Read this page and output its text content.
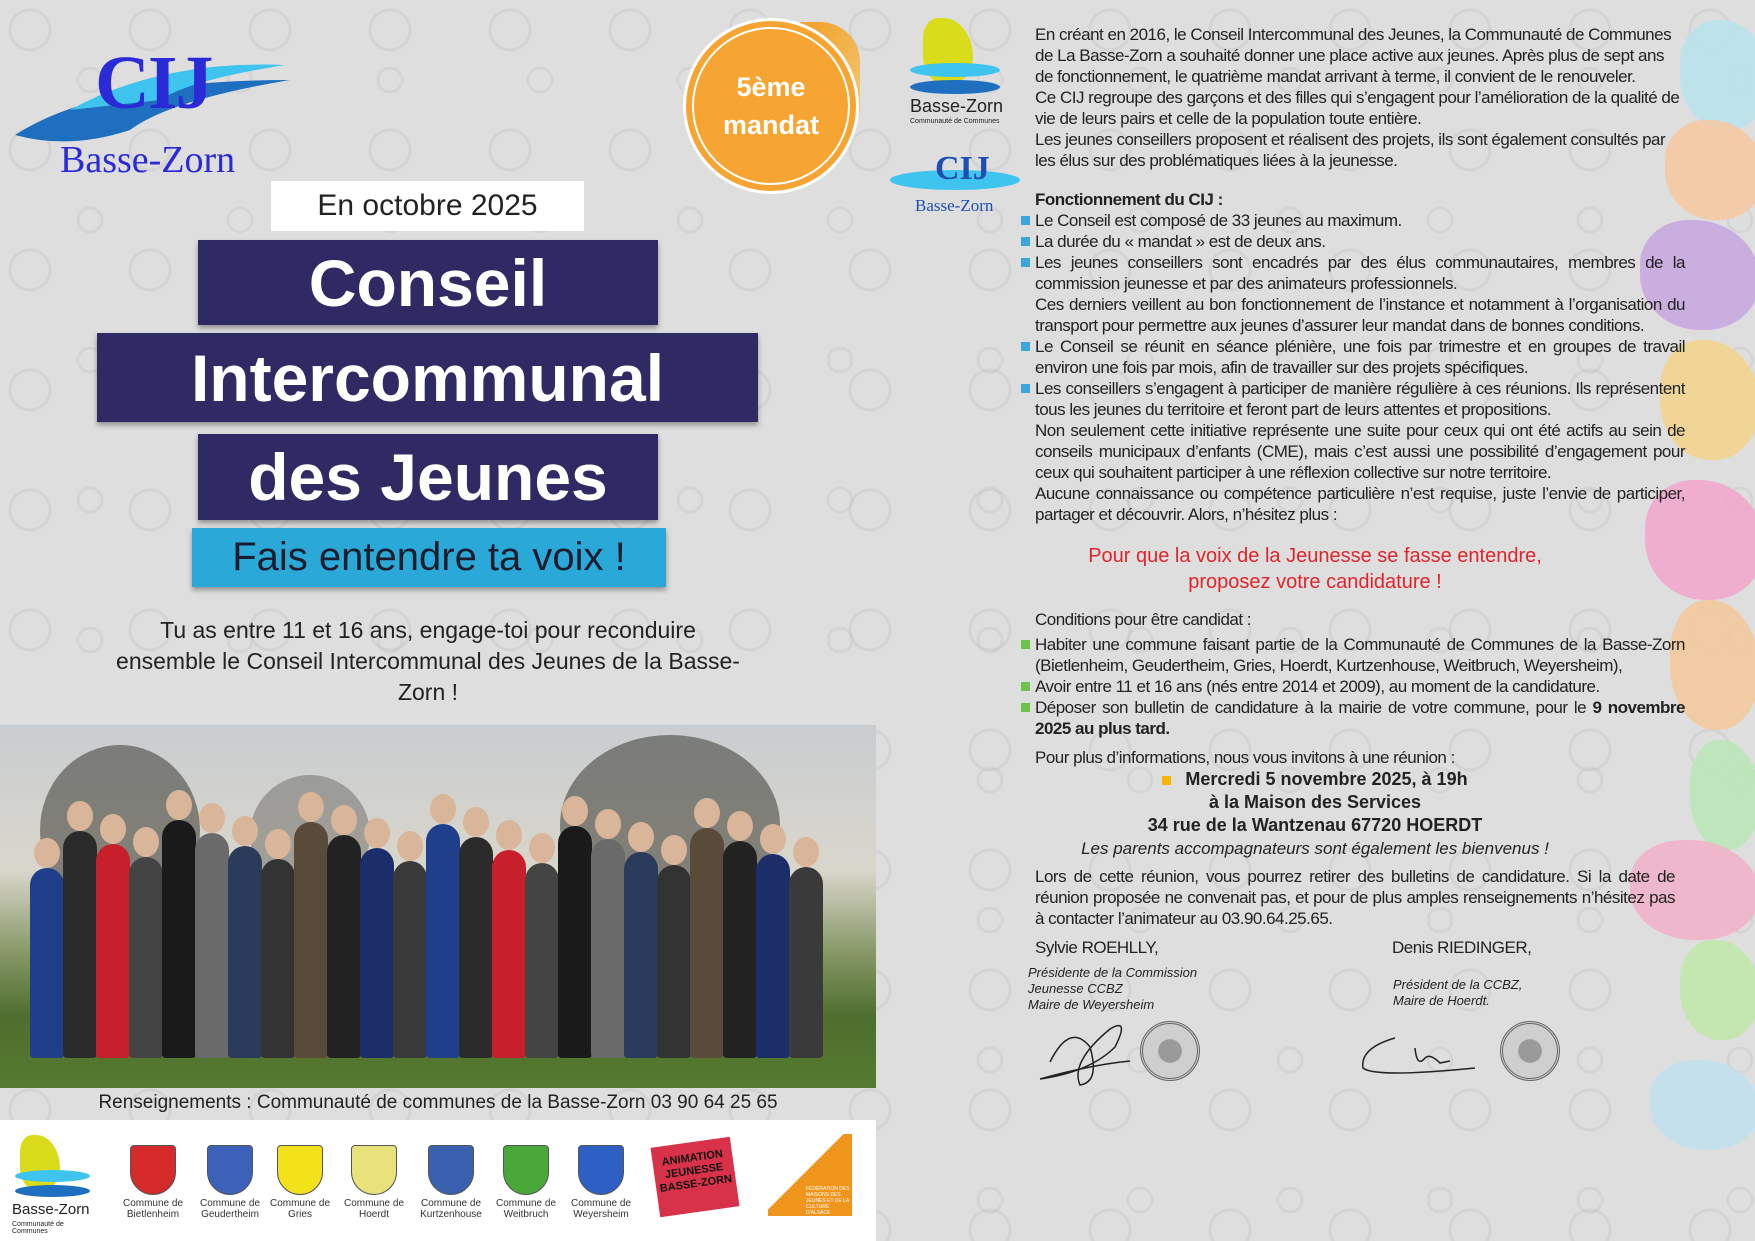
CIJ
Basse-Zorn
5ème
mandat
En octobre 2025
Conseil
Intercommunal
des Jeunes
Fais entendre ta voix !
Tu as entre 11 et 16 ans, engage-toi pour reconduire ensemble le Conseil Intercommunal des Jeunes de la Basse-Zorn !
Renseignements : Communauté de communes de la Basse-Zorn 03 90 64 25 65
Basse-Zorn
Communauté de Communes
Commune de Bietlenheim
Commune de Geudertheim
Commune de Gries
Commune de Hoerdt
Commune de Kurtzenhouse
Commune de Weitbruch
Commune de Weyersheim
ANIMATION JEUNESSE BASSE-ZORN	FÉDÉRATION DES MAISONS DES JEUNES ET DE LA CULTURE D'ALSACE
Basse-Zorn
Communauté de Communes
CIJ
Basse-Zorn

En créant en 2016, le Conseil Intercommunal des Jeunes, la Communauté de Communes de La Basse-Zorn a souhaité donner une place active aux jeunes. Après plus de sept ans de fonctionnement, le quatrième mandat arrivant à terme, il convient de le renouveler.

Ce CIJ regroupe des garçons et des filles qui s’engagent pour l’amélioration de la qualité de vie de leurs pairs et celle de la population toute entière.

Les jeunes conseillers proposent et réalisent des projets, ils sont également consultés par les élus sur des problématiques liées à la jeunesse.

Fonctionnement du CIJ :
Le Conseil est composé de 33 jeunes au maximum.
La durée du « mandat » est de deux ans.
Les jeunes conseillers sont encadrés par des élus communautaires, membres de la commission jeunesse et par des animateurs professionnels.
Ces derniers veillent au bon fonctionnement de l’instance et notamment à l’organisation du transport pour permettre aux jeunes d’assurer leur mandat dans de bonnes conditions.
Le Conseil se réunit en séance plénière, une fois par trimestre et en groupes de travail environ une fois par mois, afin de travailler sur des projets spécifiques.
Les conseillers s’engagent à participer de manière régulière à ces réunions. Ils représentent tous les jeunes du territoire et feront part de leurs attentes et propositions.
Non seulement cette initiative représente une suite pour ceux qui ont été actifs au sein de conseils municipaux d’enfants (CME), mais c’est aussi une possibilité d’engagement pour ceux qui souhaitent participer à une réflexion collective sur notre territoire.
Aucune connaissance ou compétence particulière n’est requise, juste l’envie de participer, partager et découvrir. Alors, n’hésitez plus :
Pour que la voix de la Jeunesse se fasse entendre,
proposez votre candidature !
Conditions pour être candidat :
Habiter une commune faisant partie de la Communauté de Communes de la Basse-Zorn (Bietlenheim, Geudertheim, Gries, Hoerdt, Kurtzenhouse, Weitbruch, Weyersheim),
Avoir entre 11 et 16 ans (nés entre 2014 et 2009), au moment de la candidature.
Déposer son bulletin de candidature à la mairie de votre commune, pour le 9 novembre 2025 au plus tard.
Pour plus d’informations, nous vous invitons à une réunion :
Mercredi 5 novembre 2025, à 19h
à la Maison des Services
34 rue de la Wantzenau 67720 HOERDT
Les parents accompagnateurs sont également les bienvenus !
Lors de cette réunion, vous pourrez retirer des bulletins de candidature. Si la date de réunion proposée ne convenait pas, et pour de plus amples renseignements n’hésitez pas à contacter l’animateur au 03.90.64.25.65.
Sylvie ROEHLLY,
Présidente de la Commission
Jeunesse CCBZ
Maire de Weyersheim
Denis RIEDINGER,
Président de la CCBZ,
Maire de Hoerdt.
